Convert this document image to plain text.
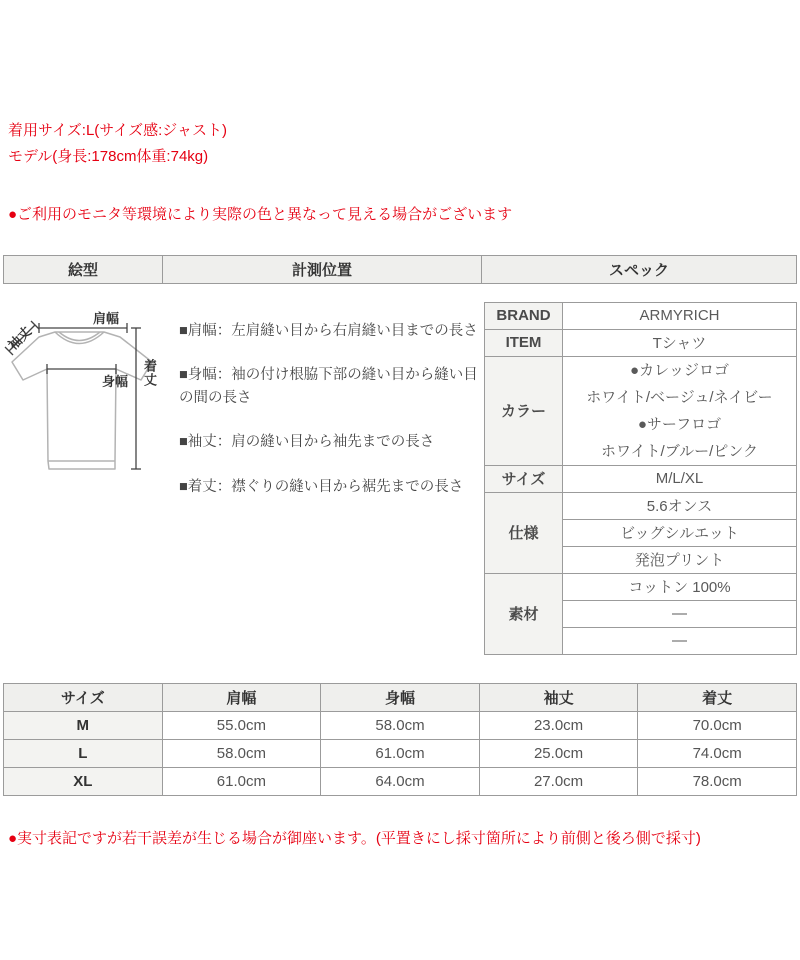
着用サイズ:L(サイズ感:ジャスト)
モデル(身長:178cm体重:74kg)
●ご利用のモニタ等環境により実際の色と異なって見える場合がございます
絵型	計測位置	スペック
肩幅
袖丈
身幅 着丈
■肩幅：左肩縫い目から右肩縫い目までの長さ
■身幅：袖の付け根脇下部の縫い目から縫い目の間の長さ
■袖丈：肩の縫い目から袖先までの長さ
■着丈：襟ぐりの縫い目から裾先までの長さ
BRAND	ARMYRICH
ITEM	Tシャツ
カラー	●カレッジロゴ
ホワイト/ベージュ/ネイビー
●サーフロゴ
ホワイト/ブルー/ピンク

サイズ	M/L/XL
仕様	5.6オンス
	ビッグシルエット
	発泡プリント
素材	コットン 100%
	—
	—
サイズ	肩幅	身幅	袖丈	着丈
M	55.0cm	58.0cm	23.0cm	70.0cm
L	58.0cm	61.0cm	25.0cm	74.0cm
XL	61.0cm	64.0cm	27.0cm	78.0cm
●実寸表記ですが若干誤差が生じる場合が御座います。(平置きにし採寸箇所により前側と後ろ側で採寸)
